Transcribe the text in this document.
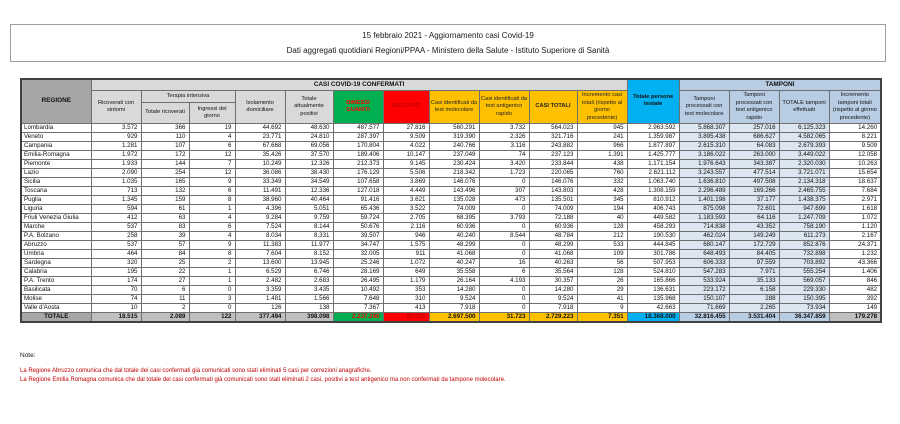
15 febbraio 2021 - Aggiornamento casi Covid-19
Dati aggregati quotidiani Regioni/PPAA - Ministero della Salute - Istituto Superiore di Sanità
REGIONE	CASI COVID-19 CONFERMATI											Totale persone testate	TAMPONI			
	Ricoverati con sintomi	Terapia intensiva		Isolamento domiciliare	Totale attualmente positivi	DIMESSI GUARITI	DECEDUTI	Casi identificati da test molecolare	Casi identificati da test antigenico rapido	CASI TOTALI	Incremento casi totali (rispetto al giorno precedente)		Tamponi processati con test molecolare	Tamponi processati con test antigenico rapido	TOTALE tamponi effettuati	Incremento tamponi totali (rispetto al giorno precedente)
		Totale ricoverati	Ingressi del giorno													
Lombardia	3.572	366	19	44.692	48.630	487.577	27.816	560.291	3.732	564.023	945	2.963.592	5.868.307	257.016	6.125.323	14.260
Veneto	929	110	4	23.771	24.810	287.397	9.509	319.390	2.326	321.716	241	1.359.987	3.895.438	686.627	4.582.065	8.221
Campania	1.281	107	6	67.668	69.056	170.804	4.022	240.766	3.116	243.882	966	1.877.897	2.615.310	64.083	2.679.393	9.509
Emilia-Romagna	1.972	172	12	35.426	37.570	189.406	10.147	237.049	74	237.123	1.391	1.425.777	3.186.022	263.000	3.449.022	12.058
Piemonte	1.933	144	7	10.249	12.326	212.373	9.145	230.424	3.420	233.844	438	1.171.154	1.976.643	343.387	2.320.030	10.263
Lazio	2.090	254	12	36.086	38.430	176.129	5.506	218.342	1.723	220.065	760	2.621.112	3.243.557	477.514	3.721.071	15.654
Sicilia	1.035	165	9	33.349	34.549	107.658	3.869	146.076	0	146.076	332	1.063.740	1.636.810	497.508	2.134.318	18.637
Toscana	713	132	6	11.491	12.336	127.018	4.449	143.496	307	143.803	428	1.308.159	2.296.489	169.266	2.465.755	7.684
Puglia	1.345	159	8	38.960	40.464	91.416	3.621	135.028	473	135.501	345	810.912	1.401.198	37.177	1.438.375	2.971
Liguria	594	61	1	4.396	5.051	65.436	3.522	74.009	0	74.009	194	406.743	875.098	72.601	947.699	1.618
Friuli Venezia Giulia	412	63	4	9.284	9.759	59.724	2.705	68.395	3.793	72.188	40	449.582	1.183.593	64.116	1.247.709	1.072
Marche	537	83	6	7.524	8.144	50.676	2.116	60.936	0	60.936	128	458.293	714.838	43.352	758.190	1.120
P.A. Bolzano	258	39	4	8.034	8.331	39.507	946	40.240	8.544	48.784	212	190.530	462.024	149.249	611.273	2.167
Abruzzo	537	57	9	11.383	11.977	34.747	1.575	48.299	0	48.299	533	444.845	680.147	172.729	852.876	24.371
Umbria	464	84	8	7.604	8.152	32.005	911	41.068	0	41.068	109	301.786	648.493	84.405	732.898	1.232
Sardegna	320	25	2	13.600	13.945	25.246	1.072	40.247	16	40.263	56	507.953	606.333	97.559	703.892	43.366
Calabria	195	22	1	6.529	6.746	28.169	649	35.558	6	35.564	128	524.810	547.283	7.971	555.254	1.406
P.A. Trento	174	27	1	2.482	2.683	26.495	1.179	26.164	4.193	30.357	26	165.866	533.924	35.133	569.057	846
Basilicata	70	6	0	3.359	3.435	10.492	353	14.280	0	14.280	29	136.631	223.172	6.158	229.330	482
Molise	74	11	3	1.481	1.566	7.648	310	9.524	0	9.524	41	135.968	150.107	288	150.395	392
Valle d'Aosta	10	2	0	126	138	7.367	413	7.918	0	7.918	9	42.663	71.669	2.265	73.934	149
TOTALE	18.515	2.089	122	377.494	398.098	2.237.290	93.835	2.697.500	31.723	2.729.223	7.351	18.368.000	32.816.455	3.531.404	36.347.859	179.278
Note:
La Regione Abruzzo comunica che dal totale dei casi confermati già comunicati sono stati eliminati 5 casi per correzioni anagrafiche.
La Regione Emilia Romagna comunica che dal totale dei casi confermati già comunicati sono stati eliminati 2 casi, positivi a test antigenico ma non confermati da tampone molecolare.
